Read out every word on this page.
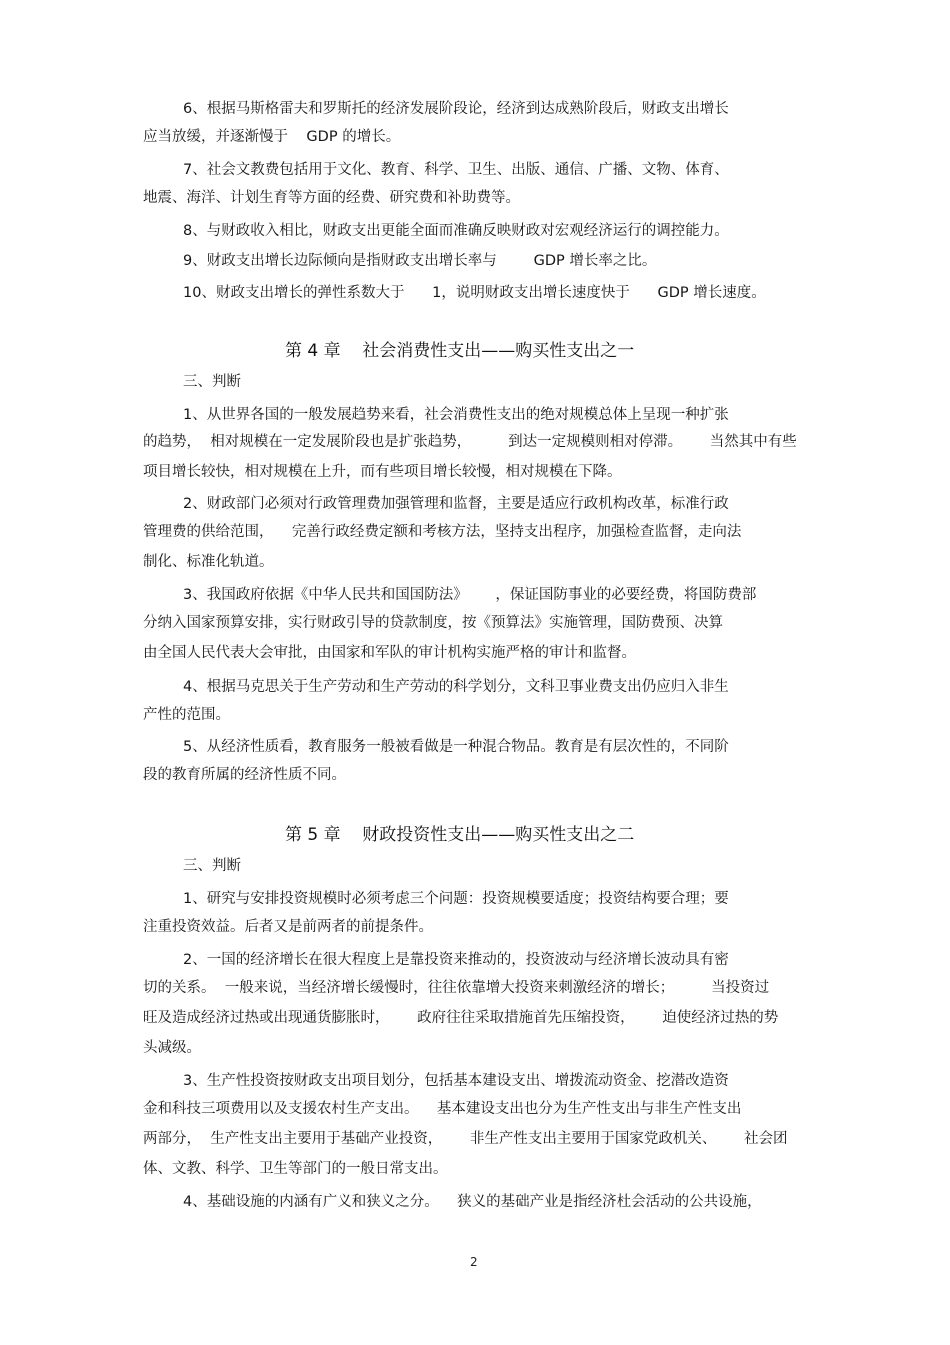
6、根据马斯格雷夫和罗斯托的经济发展阶段论，经济到达成熟阶段后，财政支出增长
应当放缓，并逐渐慢于    GDP 的增长。
7、社会文教费包括用于文化、教育、科学、卫生、出版、通信、广播、文物、体育、
地震、海洋、计划生育等方面的经费、研究费和补助费等。
8、与财政收入相比，财政支出更能全面而准确反映财政对宏观经济运行的调控能力。
9、财政支出增长边际倾向是指财政支出增长率与        GDP 增长率之比。
10、财政支出增长的弹性系数大于      1，说明财政支出增长速度快于      GDP 增长速度。
第 4 章    社会消费性支出——购买性支出之一
三、判断
1、从世界各国的一般发展趋势来看，社会消费性支出的绝对规模总体上呈现一种扩张
的趋势，  相对规模在一定发展阶段也是扩张趋势，        到达一定规模则相对停滞。      当然其中有些
项目增长较快，相对规模在上升，而有些项目增长较慢，相对规模在下降。
2、财政部门必须对行政管理费加强管理和监督，主要是适应行政机构改革，标准行政
管理费的供给范围，    完善行政经费定额和考核方法，坚持支出程序，加强检查监督，走向法
制化、标准化轨道。
3、我国政府依据《中华人民共和国国防法》      ，保证国防事业的必要经费，将国防费部
分纳入国家预算安排，实行财政引导的贷款制度，按《预算法》实施管理，国防费预、决算
由全国人民代表大会审批，由国家和军队的审计机构实施严格的审计和监督。
4、根据马克思关于生产劳动和生产劳动的科学划分，文科卫事业费支出仍应归入非生
产性的范围。
5、从经济性质看，教育服务一般被看做是一种混合物品。教育是有层次性的，不同阶
段的教育所属的经济性质不同。
第 5 章    财政投资性支出——购买性支出之二
三、判断
1、研究与安排投资规模时必须考虑三个问题：投资规模要适度；投资结构要合理；要
注重投资效益。后者又是前两者的前提条件。
2、一国的经济增长在很大程度上是靠投资来推动的，投资波动与经济增长波动具有密
切的关系。  一般来说，当经济增长缓慢时，往往依靠增大投资来刺激经济的增长；        当投资过
旺及造成经济过热或出现通货膨胀时，      政府往往采取措施首先压缩投资，      迫使经济过热的势
头减级。
3、生产性投资按财政支出项目划分，包括基本建设支出、增拨流动资金、挖潜改造资
金和科技三项费用以及支援农村生产支出。    基本建设支出也分为生产性支出与非生产性支出
两部分，  生产性支出主要用于基础产业投资，      非生产性支出主要用于国家党政机关、      社会团
体、文教、科学、卫生等部门的一般日常支出。
4、基础设施的内涵有广义和狭义之分。    狭义的基础产业是指经济杜会活动的公共设施，
2
